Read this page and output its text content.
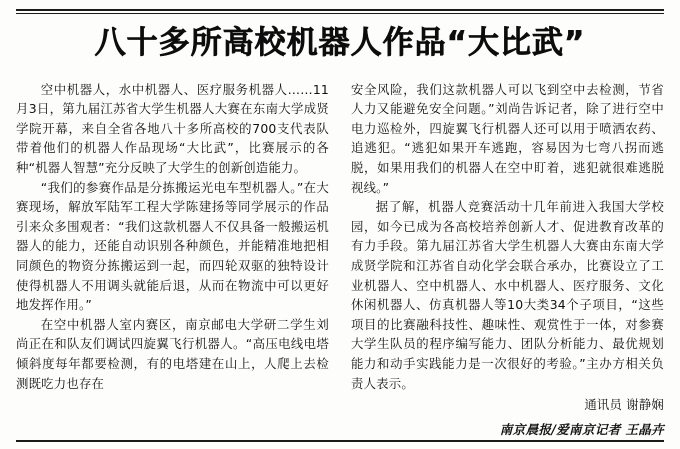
八十多所高校机器人作品“大比武”

空中机器人，水中机器人、医疗服务机器人……11月3日，第九届江苏省大学生机器人大赛在东南大学成贤学院开幕，来自全省各地八十多所高校的700支代表队带着他们的机器人作品现场“大比武”，比赛展示的各种“机器人智慧”充分反映了大学生的创新创造能力。

“我们的参赛作品是分拣搬运光电车型机器人。”在大赛现场，解放军陆军工程大学陈建扬等同学展示的作品引来众多围观者：“我们这款机器人不仅具备一般搬运机器人的能力，还能自动识别各种颜色，并能精准地把相同颜色的物资分拣搬运到一起，而四轮双驱的独特设计使得机器人不用调头就能后退，从而在物流中可以更好地发挥作用。”

在空中机器人室内赛区，南京邮电大学研二学生刘尚正在和队友们调试四旋翼飞行机器人。“高压电线电塔倾斜度每年都要检测，有的电塔建在山上，人爬上去检测既吃力也存在

安全风险，我们这款机器人可以飞到空中去检测，节省人力又能避免安全问题。”刘尚告诉记者，除了进行空中电力巡检外，四旋翼飞行机器人还可以用于喷洒农药、追逃犯。“逃犯如果开车逃跑，容易因为七弯八拐而逃脱，如果用我们的机器人在空中盯着，逃犯就很难逃脱视线。”

据了解，机器人竞赛活动十几年前进入我国大学校园，如今已成为各高校培养创新人才、促进教育改革的有力手段。第九届江苏省大学生机器人大赛由东南大学成贤学院和江苏省自动化学会联合承办，比赛设立了工业机器人、空中机器人、水中机器人、医疗服务、文化休闲机器人、仿真机器人等10大类34个子项目，“这些项目的比赛融科技性、趣味性、观赏性于一体，对参赛大学生队员的程序编写能力、团队分析能力、最优规划能力和动手实践能力是一次很好的考验。”主办方相关负责人表示。

通讯员 谢静娴
南京晨报/爱南京记者 王晶卉
